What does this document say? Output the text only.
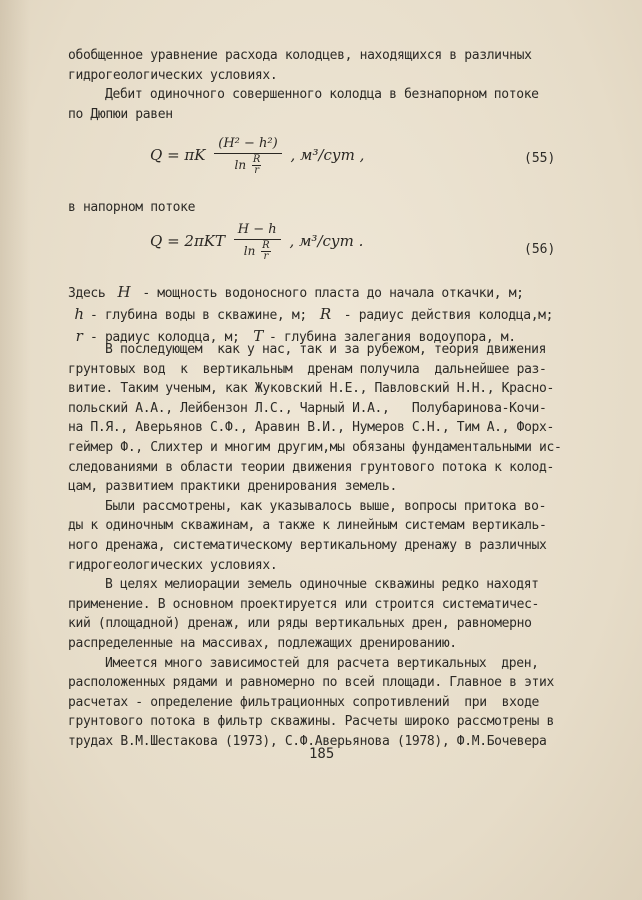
обобщенное уравнение расхода колодцев, находящихся в различных
гидрогеологических условиях.
Дебит одиночного совершенного колодца в безнапорном потоке
по Дюпюи равен
Q = πK $\frac{\text{(H² − h²)}}{\ln \frac{R}{r}}$ , м³/сут ,	(55)
в напорном потоке
$Q = 2\pi KT \frac{H - h}{\ln \frac{R}{r}}$ , м³/сут .	(56)
Здесь H - мощность водоносного пласта до начала откачки, м;
h - глубина воды в скважине, м; R - радиус действия колодца,м;
r - радиус колодца, м; T - глубина залегания водоупора, м.
В последующем  как у нас, так и за рубежом, теория движения
грунтовых вод  к  вертикальным  дренам получила  дальнейшее раз-
витие. Таким ученым, как Жуковский Н.Е., Павловский Н.Н., Красно-
польский А.А., Лейбензон Л.С., Чарный И.А.,   Полубаринова-Кочи-
на П.Я., Аверьянов С.Ф., Аравин В.И., Нумеров С.Н., Тим А., Форх-
геймер Ф., Слихтер и многим другим,мы обязаны фундаментальными ис-
следованиями в области теории движения грунтового потока к колод-
цам, развитием практики дренирования земель.
Были рассмотрены, как указывалось выше, вопросы притока во-
ды к одиночным скважинам, а также к линейным системам вертикаль-
ного дренажа, систематическому вертикальному дренажу в различных
гидрогеологических условиях.
В целях мелиорации земель одиночные скважины редко находят
применение. В основном проектируется или строится систематичес-
кий (площадной) дренаж, или ряды вертикальных дрен, равномерно
распределенные на массивах, подлежащих дренированию.
Имеется много зависимостей для расчета вертикальных  дрен,
расположенных рядами и равномерно по всей площади. Главное в этих
расчетах - определение фильтрационных сопротивлений  при  входе
грунтового потока в фильтр скважины. Расчеты широко рассмотрены в
трудах В.М.Шестакова (1973), С.Ф.Аверьянова (1978), Ф.М.Бочевера
185
